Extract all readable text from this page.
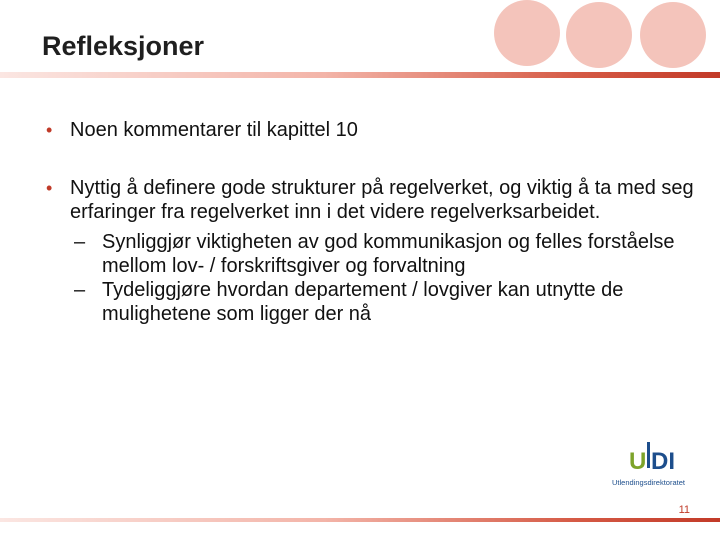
Refleksjoner
• Noen kommentarer til kapittel 10
• Nyttig å definere gode strukturer på regelverket, og viktig å ta med seg erfaringer fra regelverket inn i det videre regelverksarbeidet.
– Synliggjør viktigheten av god kommunikasjon og felles forståelse mellom lov- / forskriftsgiver og forvaltning
– Tydeliggjøre hvordan departement / lovgiver kan utnytte de mulighetene som ligger der nå
U DI
Utlendingsdirektoratet
11
